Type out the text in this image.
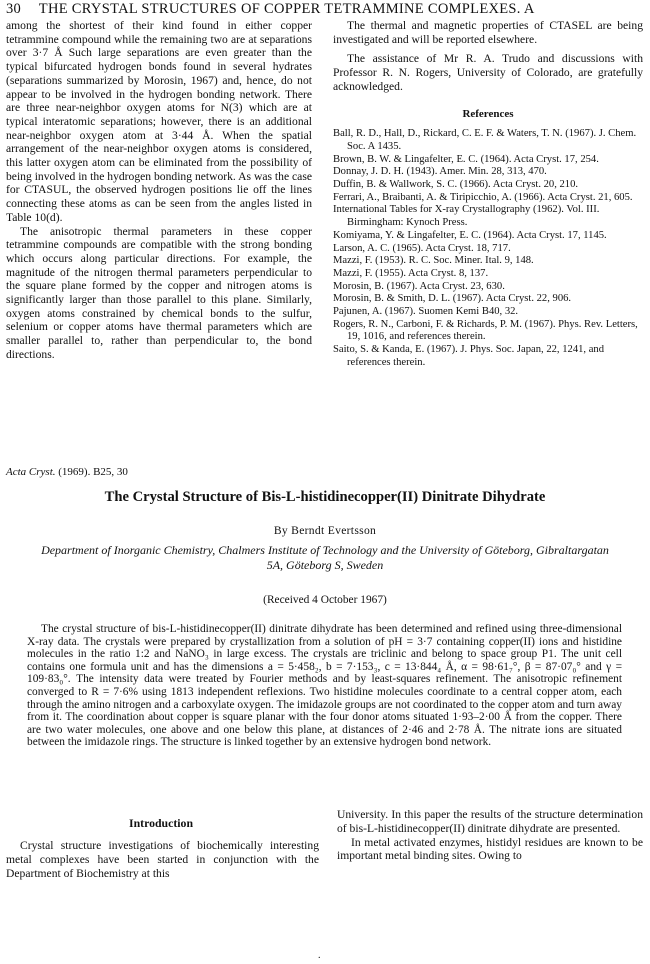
30 THE CRYSTAL STRUCTURES OF COPPER TETRAMMINE COMPLEXES. A

among the shortest of their kind found in either copper tetrammine compound while the remaining two are at separations over 3·7 Å Such large separations are even greater than the typical bifurcated hydrogen bonds found in several hydrates (separations summarized by Morosin, 1967) and, hence, do not appear to be involved in the hydrogen bonding network. There are three near-neighbor oxygen atoms for N(3) which are at typical interatomic separations; however, there is an additional near-neighbor oxygen atom at 3·44 Å. When the spatial arrangement of the near-neighbor oxygen atoms is considered, this latter oxygen atom can be eliminated from the possibility of being involved in the hydrogen bonding network. As was the case for CTASUL, the observed hydrogen positions lie off the lines connecting these atoms as can be seen from the angles listed in Table 10(d).

The anisotropic thermal parameters in these copper tetrammine compounds are compatible with the strong bonding which occurs along particular directions. For example, the magnitude of the nitrogen thermal parameters perpendicular to the square plane formed by the copper and nitrogen atoms is significantly larger than those parallel to this plane. Similarly, oxygen atoms constrained by chemical bonds to the sulfur, selenium or copper atoms have thermal parameters which are smaller parallel to, rather than perpendicular to, the bond directions.

The thermal and magnetic properties of CTASEL are being investigated and will be reported elsewhere.

The assistance of Mr R. A. Trudo and discussions with Professor R. N. Rogers, University of Colorado, are gratefully acknowledged.

References
Ball, R. D., Hall, D., Rickard, C. E. F. & Waters, T. N. (1967). J. Chem. Soc. A 1435.
Brown, B. W. & Lingafelter, E. C. (1964). Acta Cryst. 17, 254.
Donnay, J. D. H. (1943). Amer. Min. 28, 313, 470.
Duffin, B. & Wallwork, S. C. (1966). Acta Cryst. 20, 210.
Ferrari, A., Braibanti, A. & Tiripicchio, A. (1966). Acta Cryst. 21, 605.
International Tables for X-ray Crystallography (1962). Vol. III. Birmingham: Kynoch Press.
Komiyama, Y. & Lingafelter, E. C. (1964). Acta Cryst. 17, 1145.
Larson, A. C. (1965). Acta Cryst. 18, 717.
Mazzi, F. (1953). R. C. Soc. Miner. Ital. 9, 148.
Mazzi, F. (1955). Acta Cryst. 8, 137.
Morosin, B. (1967). Acta Cryst. 23, 630.
Morosin, B. & Smith, D. L. (1967). Acta Cryst. 22, 906.
Pajunen, A. (1967). Suomen Kemi B40, 32.
Rogers, R. N., Carboni, F. & Richards, P. M. (1967). Phys. Rev. Letters, 19, 1016, and references therein.
Saito, S. & Kanda, E. (1967). J. Phys. Soc. Japan, 22, 1241, and references therein.
Acta Cryst. (1969). B25, 30
The Crystal Structure of Bis-L-histidinecopper(II) Dinitrate Dihydrate
By Berndt Evertsson
Department of Inorganic Chemistry, Chalmers Institute of Technology and the University of Göteborg, Gibraltargatan 5A, Göteborg S, Sweden
(Received 4 October 1967)

The crystal structure of bis-L-histidinecopper(II) dinitrate dihydrate has been determined and refined using three-dimensional X-ray data. The crystals were prepared by crystallization from a solution of pH = 3·7 containing copper(II) ions and histidine molecules in the ratio 1:2 and NaNO₃ in large excess. The crystals are triclinic and belong to space group P1. The unit cell contains one formula unit and has the dimensions a = 5·458₂, b = 7·153₃, c = 13·844₄ Å, α = 98·61₇°, β = 87·07₀° and γ = 109·83₀°. The intensity data were treated by Fourier methods and by least-squares refinement. The anisotropic refinement converged to R = 7·6% using 1813 independent reflexions. Two histidine molecules coordinate to a central copper atom, each through the amino nitrogen and a carboxylate oxygen. The imidazole groups are not coordinated to the copper atom and turn away from it. The coordination about copper is square planar with the four donor atoms situated 1·93–2·00 Å from the copper. There are two water molecules, one above and one below this plane, at distances of 2·46 and 2·78 Å. The nitrate ions are situated between the imidazole rings. The structure is linked together by an extensive hydrogen bond network.

Introduction

Crystal structure investigations of biochemically interesting metal complexes have been started in conjunction with the Department of Biochemistry at this

University. In this paper the results of the structure determination of bis-L-histidinecopper(II) dinitrate dihydrate are presented.

In metal activated enzymes, histidyl residues are known to be important metal binding sites. Owing to

.
